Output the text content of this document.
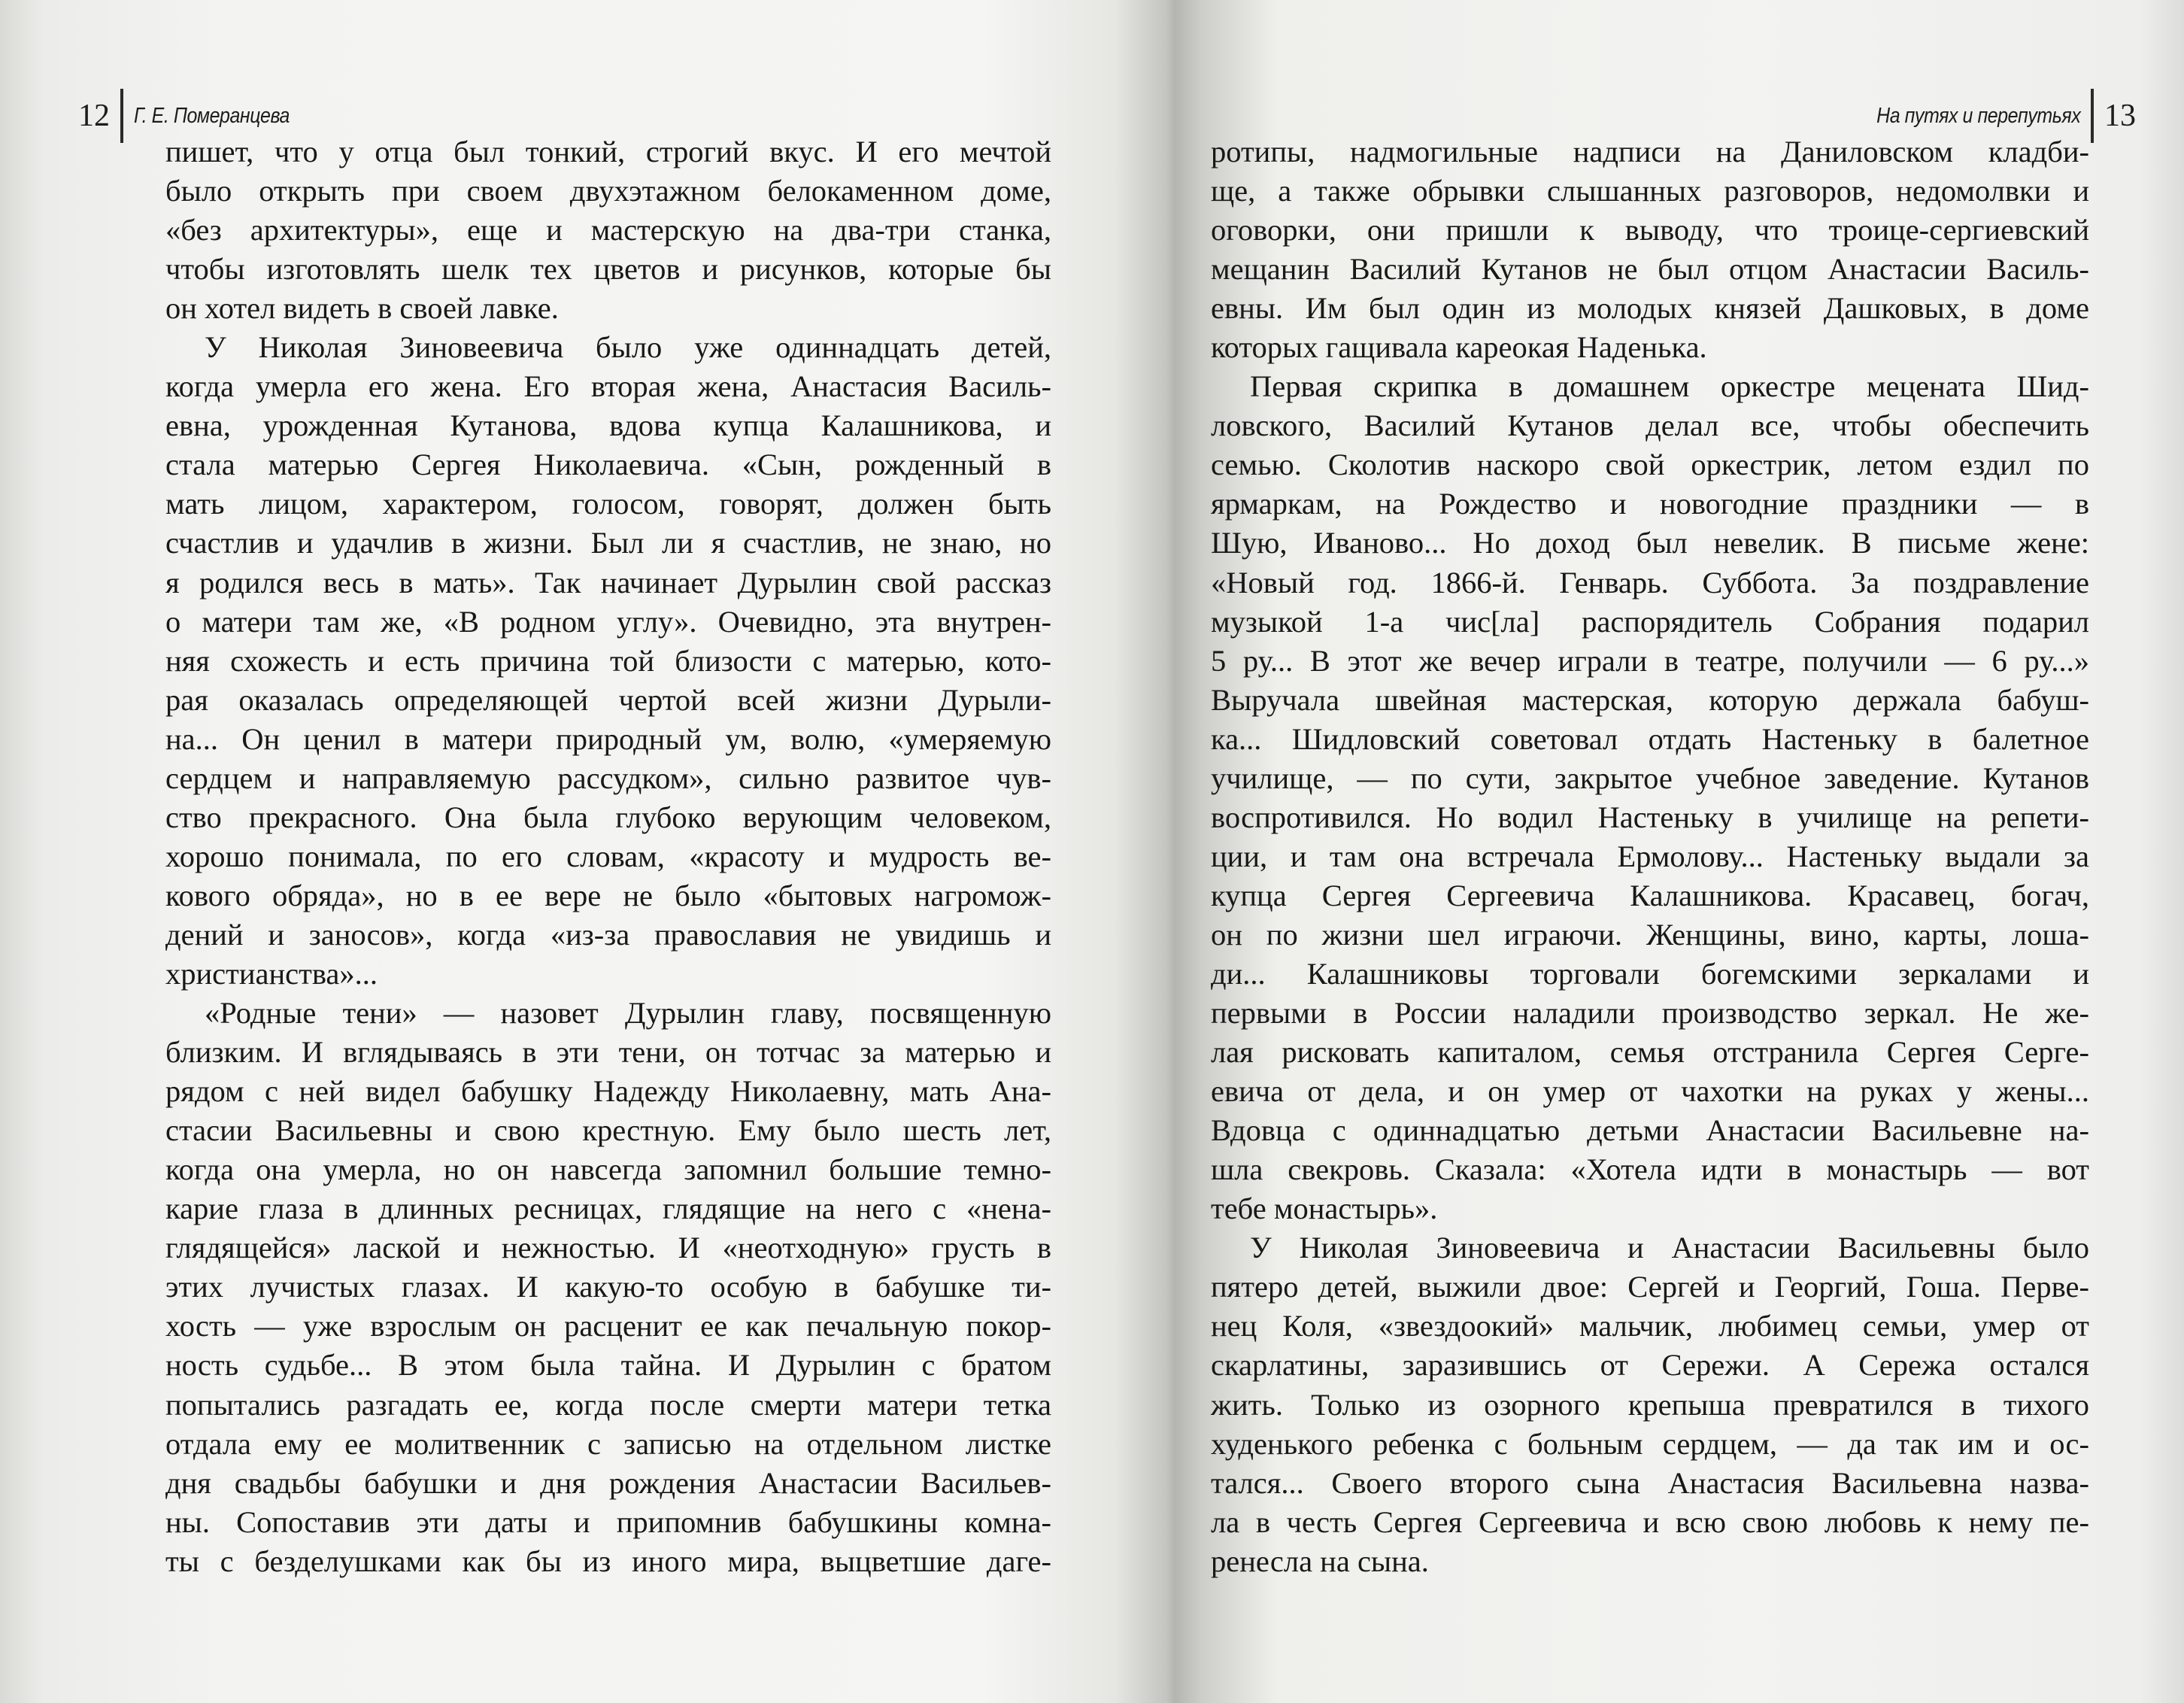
12 Г. Е. Померанцева
пишет, что у отца был тонкий, строгий вкус. И его мечтой
было открыть при своем двухэтажном белокаменном доме,
«без архитектуры», еще и мастерскую на два-три станка,
чтобы изготовлять шелк тех цветов и рисунков, которые бы
он хотел видеть в своей лавке.
У Николая Зиновеевича было уже одиннадцать детей,
когда умерла его жена. Его вторая жена, Анастасия Василь-
евна, урожденная Кутанова, вдова купца Калашникова, и
стала матерью Сергея Николаевича. «Сын, рожденный в
мать лицом, характером, голосом, говорят, должен быть
счастлив и удачлив в жизни. Был ли я счастлив, не знаю, но
я родился весь в мать». Так начинает Дурылин свой рассказ
о матери там же, «В родном углу». Очевидно, эта внутрен-
няя схожесть и есть причина той близости с матерью, кото-
рая оказалась определяющей чертой всей жизни Дурыли-
на... Он ценил в матери природный ум, волю, «умеряемую
сердцем и направляемую рассудком», сильно развитое чув-
ство прекрасного. Она была глубоко верующим человеком,
хорошо понимала, по его словам, «красоту и мудрость ве-
кового обряда», но в ее вере не было «бытовых нагромож-
дений и заносов», когда «из-за православия не увидишь и
христианства»...
«Родные тени» — назовет Дурылин главу, посвященную
близким. И вглядываясь в эти тени, он тотчас за матерью и
рядом с ней видел бабушку Надежду Николаевну, мать Ана-
стасии Васильевны и свою крестную. Ему было шесть лет,
когда она умерла, но он навсегда запомнил большие темно-
карие глаза в длинных ресницах, глядящие на него с «нена-
глядящейся» лаской и нежностью. И «неотходную» грусть в
этих лучистых глазах. И какую-то особую в бабушке ти-
хость — уже взрослым он расценит ее как печальную покор-
ность судьбе... В этом была тайна. И Дурылин с братом
попытались разгадать ее, когда после смерти матери тетка
отдала ему ее молитвенник с записью на отдельном листке
дня свадьбы бабушки и дня рождения Анастасии Васильев-
ны. Сопоставив эти даты и припомнив бабушкины комна-
ты с безделушками как бы из иного мира, выцветшие даге-
На путях и перепутьях 13
ротипы, надмогильные надписи на Даниловском кладби-
ще, а также обрывки слышанных разговоров, недомолвки и
оговорки, они пришли к выводу, что троице-сергиевский
мещанин Василий Кутанов не был отцом Анастасии Василь-
евны. Им был один из молодых князей Дашковых, в доме
которых гащивала кареокая Наденька.
Первая скрипка в домашнем оркестре мецената Шид-
ловского, Василий Кутанов делал все, чтобы обеспечить
семью. Сколотив наскоро свой оркестрик, летом ездил по
ярмаркам, на Рождество и новогодние праздники — в
Шую, Иваново... Но доход был невелик. В письме жене:
«Новый год. 1866-й. Генварь. Суббота. За поздравление
музыкой 1-а чис[ла] распорядитель Собрания подарил
5 ру... В этот же вечер играли в театре, получили — 6 ру...»
Выручала швейная мастерская, которую держала бабуш-
ка... Шидловский советовал отдать Настеньку в балетное
училище, — по сути, закрытое учебное заведение. Кутанов
воспротивился. Но водил Настеньку в училище на репети-
ции, и там она встречала Ермолову... Настеньку выдали за
купца Сергея Сергеевича Калашникова. Красавец, богач,
он по жизни шел играючи. Женщины, вино, карты, лоша-
ди... Калашниковы торговали богемскими зеркалами и
первыми в России наладили производство зеркал. Не же-
лая рисковать капиталом, семья отстранила Сергея Серге-
евича от дела, и он умер от чахотки на руках у жены...
Вдовца с одиннадцатью детьми Анастасии Васильевне на-
шла свекровь. Сказала: «Хотела идти в монастырь — вот
тебе монастырь».
У Николая Зиновеевича и Анастасии Васильевны было
пятеро детей, выжили двое: Сергей и Георгий, Гоша. Перве-
нец Коля, «звездоокий» мальчик, любимец семьи, умер от
скарлатины, заразившись от Сережи. А Сережа остался
жить. Только из озорного крепыша превратился в тихого
худенького ребенка с больным сердцем, — да так им и ос-
тался... Своего второго сына Анастасия Васильевна назва-
ла в честь Сергея Сергеевича и всю свою любовь к нему пе-
ренесла на сына.
